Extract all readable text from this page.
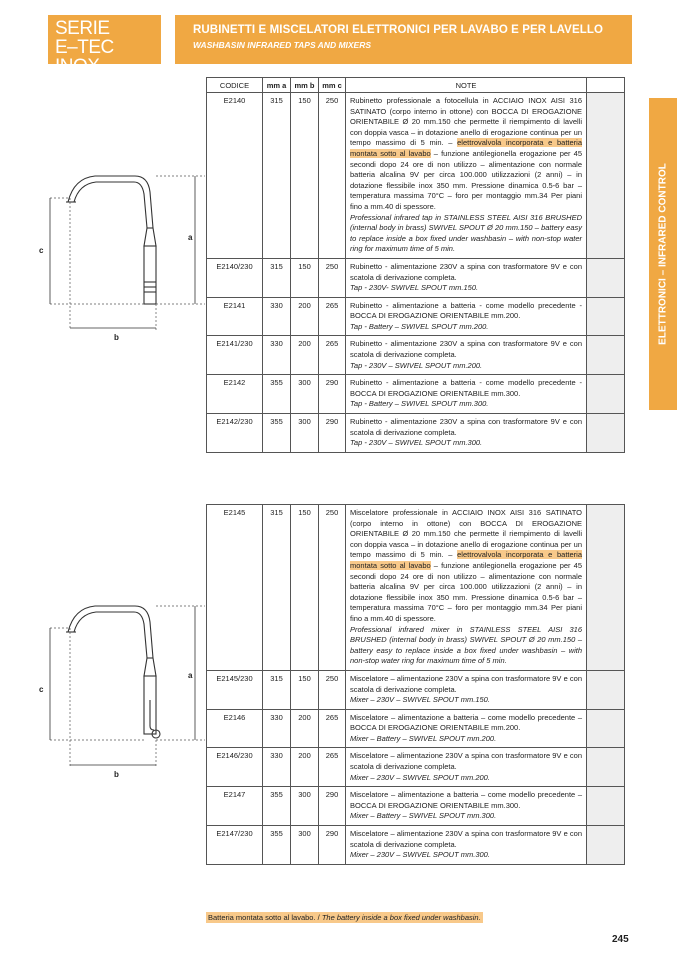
SERIE
E–TEC INOX
RUBINETTI E MISCELATORI ELETTRONICI PER LAVABO E PER LAVELLO
WASHBASIN INFRARED TAPS AND MIXERS
ELETTRONICI – INFRARED CONTROL
c
a
b
c
a
b
CODICE	mm a	mm b	mm c	NOTE	
E2140	315	150	250	Rubinetto professionale a fotocellula in ACCIAIO INOX AISI 316 SATINATO (corpo interno in ottone) con BOCCA DI EROGAZIONE ORIENTABILE Ø 20 mm.150 che permette il riempimento di lavelli con doppia vasca – in dotazione anello di erogazione continua per un tempo massimo di 5 min. – elettrovalvola incorporata e batteria montata sotto al lavabo – funzione antilegionella erogazione per 45 secondi dopo 24 ore di non utilizzo – alimentazione con normale batteria alcalina 9V per circa 100.000 utilizzazioni (2 anni) – in dotazione flessibile inox 350 mm. Pressione dinamica 0.5-6 bar – temperatura massima 70°C – foro per montaggio mm.34 Per piani fino a mm.40 di spessore.
Professional infrared tap in STAINLESS STEEL AISI 316 BRUSHED (internal body in brass) SWIVEL SPOUT Ø 20 mm.150 – battery easy to replace inside a box fixed under washbasin – with non-stop water ring for maximum time of 5 min.	

E2140/230	315	150	250	Rubinetto - alimentazione 230V a spina con trasformatore 9V e con scatola di derivazione completa.
Tap - 230V- SWIVEL SPOUT mm.150.	

E2141	330	200	265	Rubinetto - alimentazione a batteria - come modello precedente - BOCCA DI EROGAZIONE ORIENTABILE mm.200.
Tap - Battery – SWIVEL SPOUT mm.200.	

E2141/230	330	200	265	Rubinetto - alimentazione 230V a spina con trasformatore 9V e con scatola di derivazione completa.
Tap - 230V – SWIVEL SPOUT mm.200.	

E2142	355	300	290	Rubinetto - alimentazione a batteria - come modello precedente - BOCCA DI EROGAZIONE ORIENTABILE mm.300.
Tap - Battery – SWIVEL SPOUT mm.300.	

E2142/230	355	300	290	Rubinetto - alimentazione 230V a spina con trasformatore 9V e con scatola di derivazione completa.
Tap - 230V – SWIVEL SPOUT mm.300.	

E2145	315	150	250	Miscelatore professionale in ACCIAIO INOX AISI 316 SATINATO (corpo interno in ottone) con BOCCA DI EROGAZIONE ORIENTABILE Ø 20 mm.150 che permette il riempimento di lavelli con doppia vasca – in dotazione anello di erogazione continua per un tempo massimo di 5 min. – elettrovalvola incorporata e batteria montata sotto al lavabo – funzione antilegionella erogazione per 45 secondi dopo 24 ore di non utilizzo – alimentazione con normale batteria alcalina 9V per circa 100.000 utilizzazioni (2 anni) – in dotazione flessibile inox 350 mm. Pressione dinamica 0.5-6 bar – temperatura massima 70°C – foro per montaggio mm.34 Per piani fino a mm.40 di spessore.
Professional infrared mixer in STAINLESS STEEL AISI 316 BRUSHED (internal body in brass) SWIVEL SPOUT Ø 20 mm.150 – battery easy to replace inside a box fixed under washbasin – with non-stop water ring for maximum time of 5 min.	

E2145/230	315	150	250	Miscelatore – alimentazione 230V a spina con trasformatore 9V e con scatola di derivazione completa.
Mixer – 230V – SWIVEL SPOUT mm.150.	

E2146	330	200	265	Miscelatore – alimentazione a batteria – come modello precedente – BOCCA DI EROGAZIONE ORIENTABILE mm.200.
Mixer – Battery – SWIVEL SPOUT mm.200.	

E2146/230	330	200	265	Miscelatore – alimentazione 230V a spina con trasformatore 9V e con scatola di derivazione completa.
Mixer – 230V – SWIVEL SPOUT mm.200.	

E2147	355	300	290	Miscelatore – alimentazione a batteria – come modello precedente – BOCCA DI EROGAZIONE ORIENTABILE mm.300.
Mixer – Battery – SWIVEL SPOUT mm.300.	

E2147/230	355	300	290	Miscelatore – alimentazione 230V a spina con trasformatore 9V e con scatola di derivazione completa.
Mixer – 230V – SWIVEL SPOUT mm.300.	

Batteria montata sotto al lavabo. / The battery inside a box fixed under washbasin.
245
